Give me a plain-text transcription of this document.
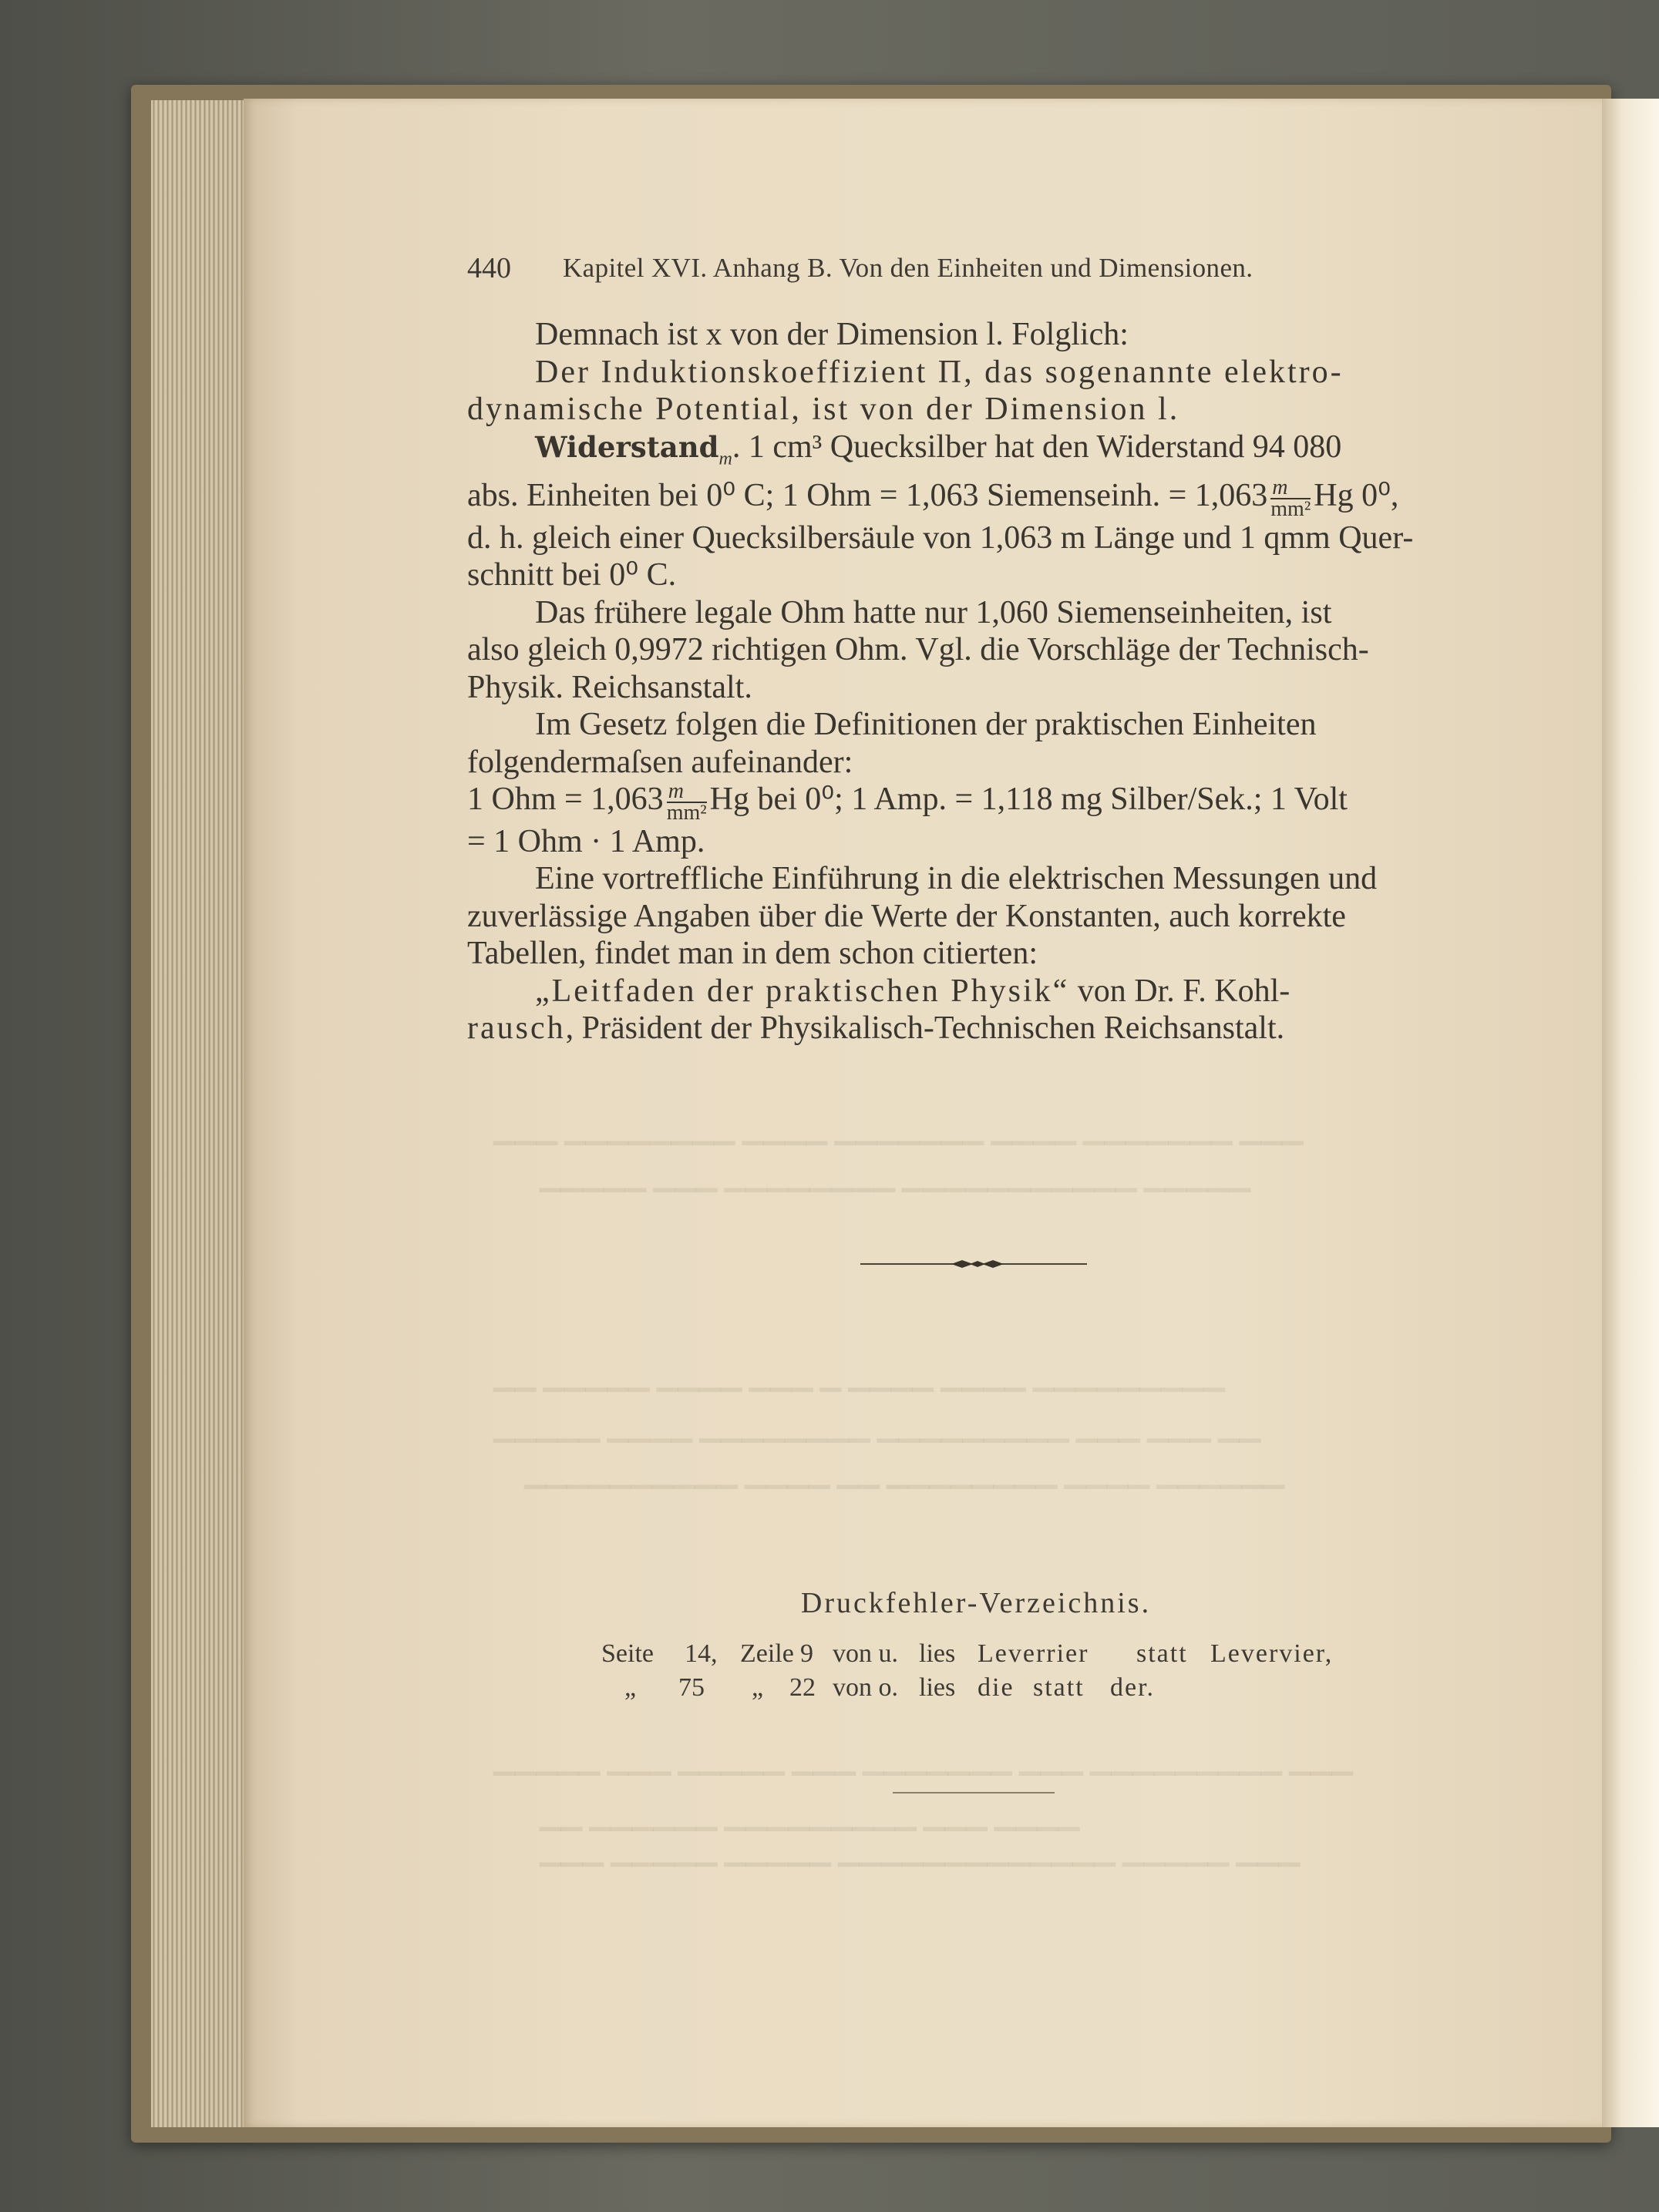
▁▁▁ ▁▁▁▁▁▁▁ ▁▁▁▁ ▁▁▁▁▁▁▁ ▁▁▁▁ ▁▁▁▁▁▁▁▁ ▁▁▁
▁▁▁▁▁ ▁▁▁▁▁▁▁▁▁▁▁ ▁▁▁▁▁▁▁▁ ▁▁▁ ▁▁▁▁▁
▁▁▁▁▁▁▁▁▁ ▁▁▁▁ ▁▁▁▁ ▁ ▁▁▁ ▁▁▁▁ ▁▁▁▁▁ ▁▁
▁▁ ▁▁▁ ▁▁▁ ▁▁▁▁▁▁▁▁▁ ▁▁▁▁▁▁▁▁ ▁▁▁▁ ▁▁▁▁▁
▁▁▁▁▁▁ ▁▁▁▁ ▁▁▁▁▁▁▁▁ ▁▁ ▁▁▁▁ ▁▁▁▁▁▁▁▁▁▁
▁▁▁ ▁▁▁▁▁▁▁▁▁ ▁▁▁ ▁▁▁▁▁▁▁ ▁▁▁ ▁▁▁▁▁ ▁▁▁ ▁▁▁▁▁
▁▁▁▁ ▁▁▁ ▁▁▁▁▁▁▁▁▁ ▁▁▁▁▁▁ ▁▁
▁▁▁ ▁▁▁▁▁ ▁▁▁▁▁▁▁▁▁▁▁▁▁ ▁▁▁▁▁ ▁▁▁▁▁ ▁▁▁
440 Kapitel XVI. Anhang B. Von den Einheiten und Dimensionen.

Demnach ist x von der Dimension l. Folglich:

Der Induktionskoeffizient Π, das sogenannte elektro-

dynamische Potential, ist von der Dimension l.

Widerstand$_m$. 1 cm³ Quecksilber hat den Widerstand 94 080

abs. Einheiten bei 0⁰ C; 1 Ohm = 1,063 Siemenseinh. = $1,063 \frac{m}{\text{mm²}}$ Hg 0⁰,

d. h. gleich einer Quecksilbersäule von 1,063 m Länge und 1 qmm Quer-

schnitt bei 0⁰ C.

Das frühere legale Ohm hatte nur 1,060 Siemenseinheiten, ist

also gleich 0,9972 richtigen Ohm. Vgl. die Vorschläge der Technisch-

Physik. Reichsanstalt.

Im Gesetz folgen die Definitionen der praktischen Einheiten

folgendermaſsen aufeinander:

1 Ohm = $1,063 \frac{m}{\text{mm²}}$ Hg bei 0⁰; 1 Amp. = 1,118 mg Silber/Sek.; 1 Volt

= 1 Ohm · 1 Amp.

Eine vortreffliche Einführung in die elektrischen Messungen und

zuverlässige Angaben über die Werte der Konstanten, auch korrekte

Tabellen, findet man in dem schon citierten:

„Leitfaden der praktischen Physik“ von Dr. F. Kohl-

rausch, Präsident der Physikalisch-Technischen Reichsanstalt.

Druckfehler-Verzeichnis.
Seite 14, Zeile 9 von u. lies Leverrier statt Levervier,
„ 75 „ 22 von o. lies die statt der.
